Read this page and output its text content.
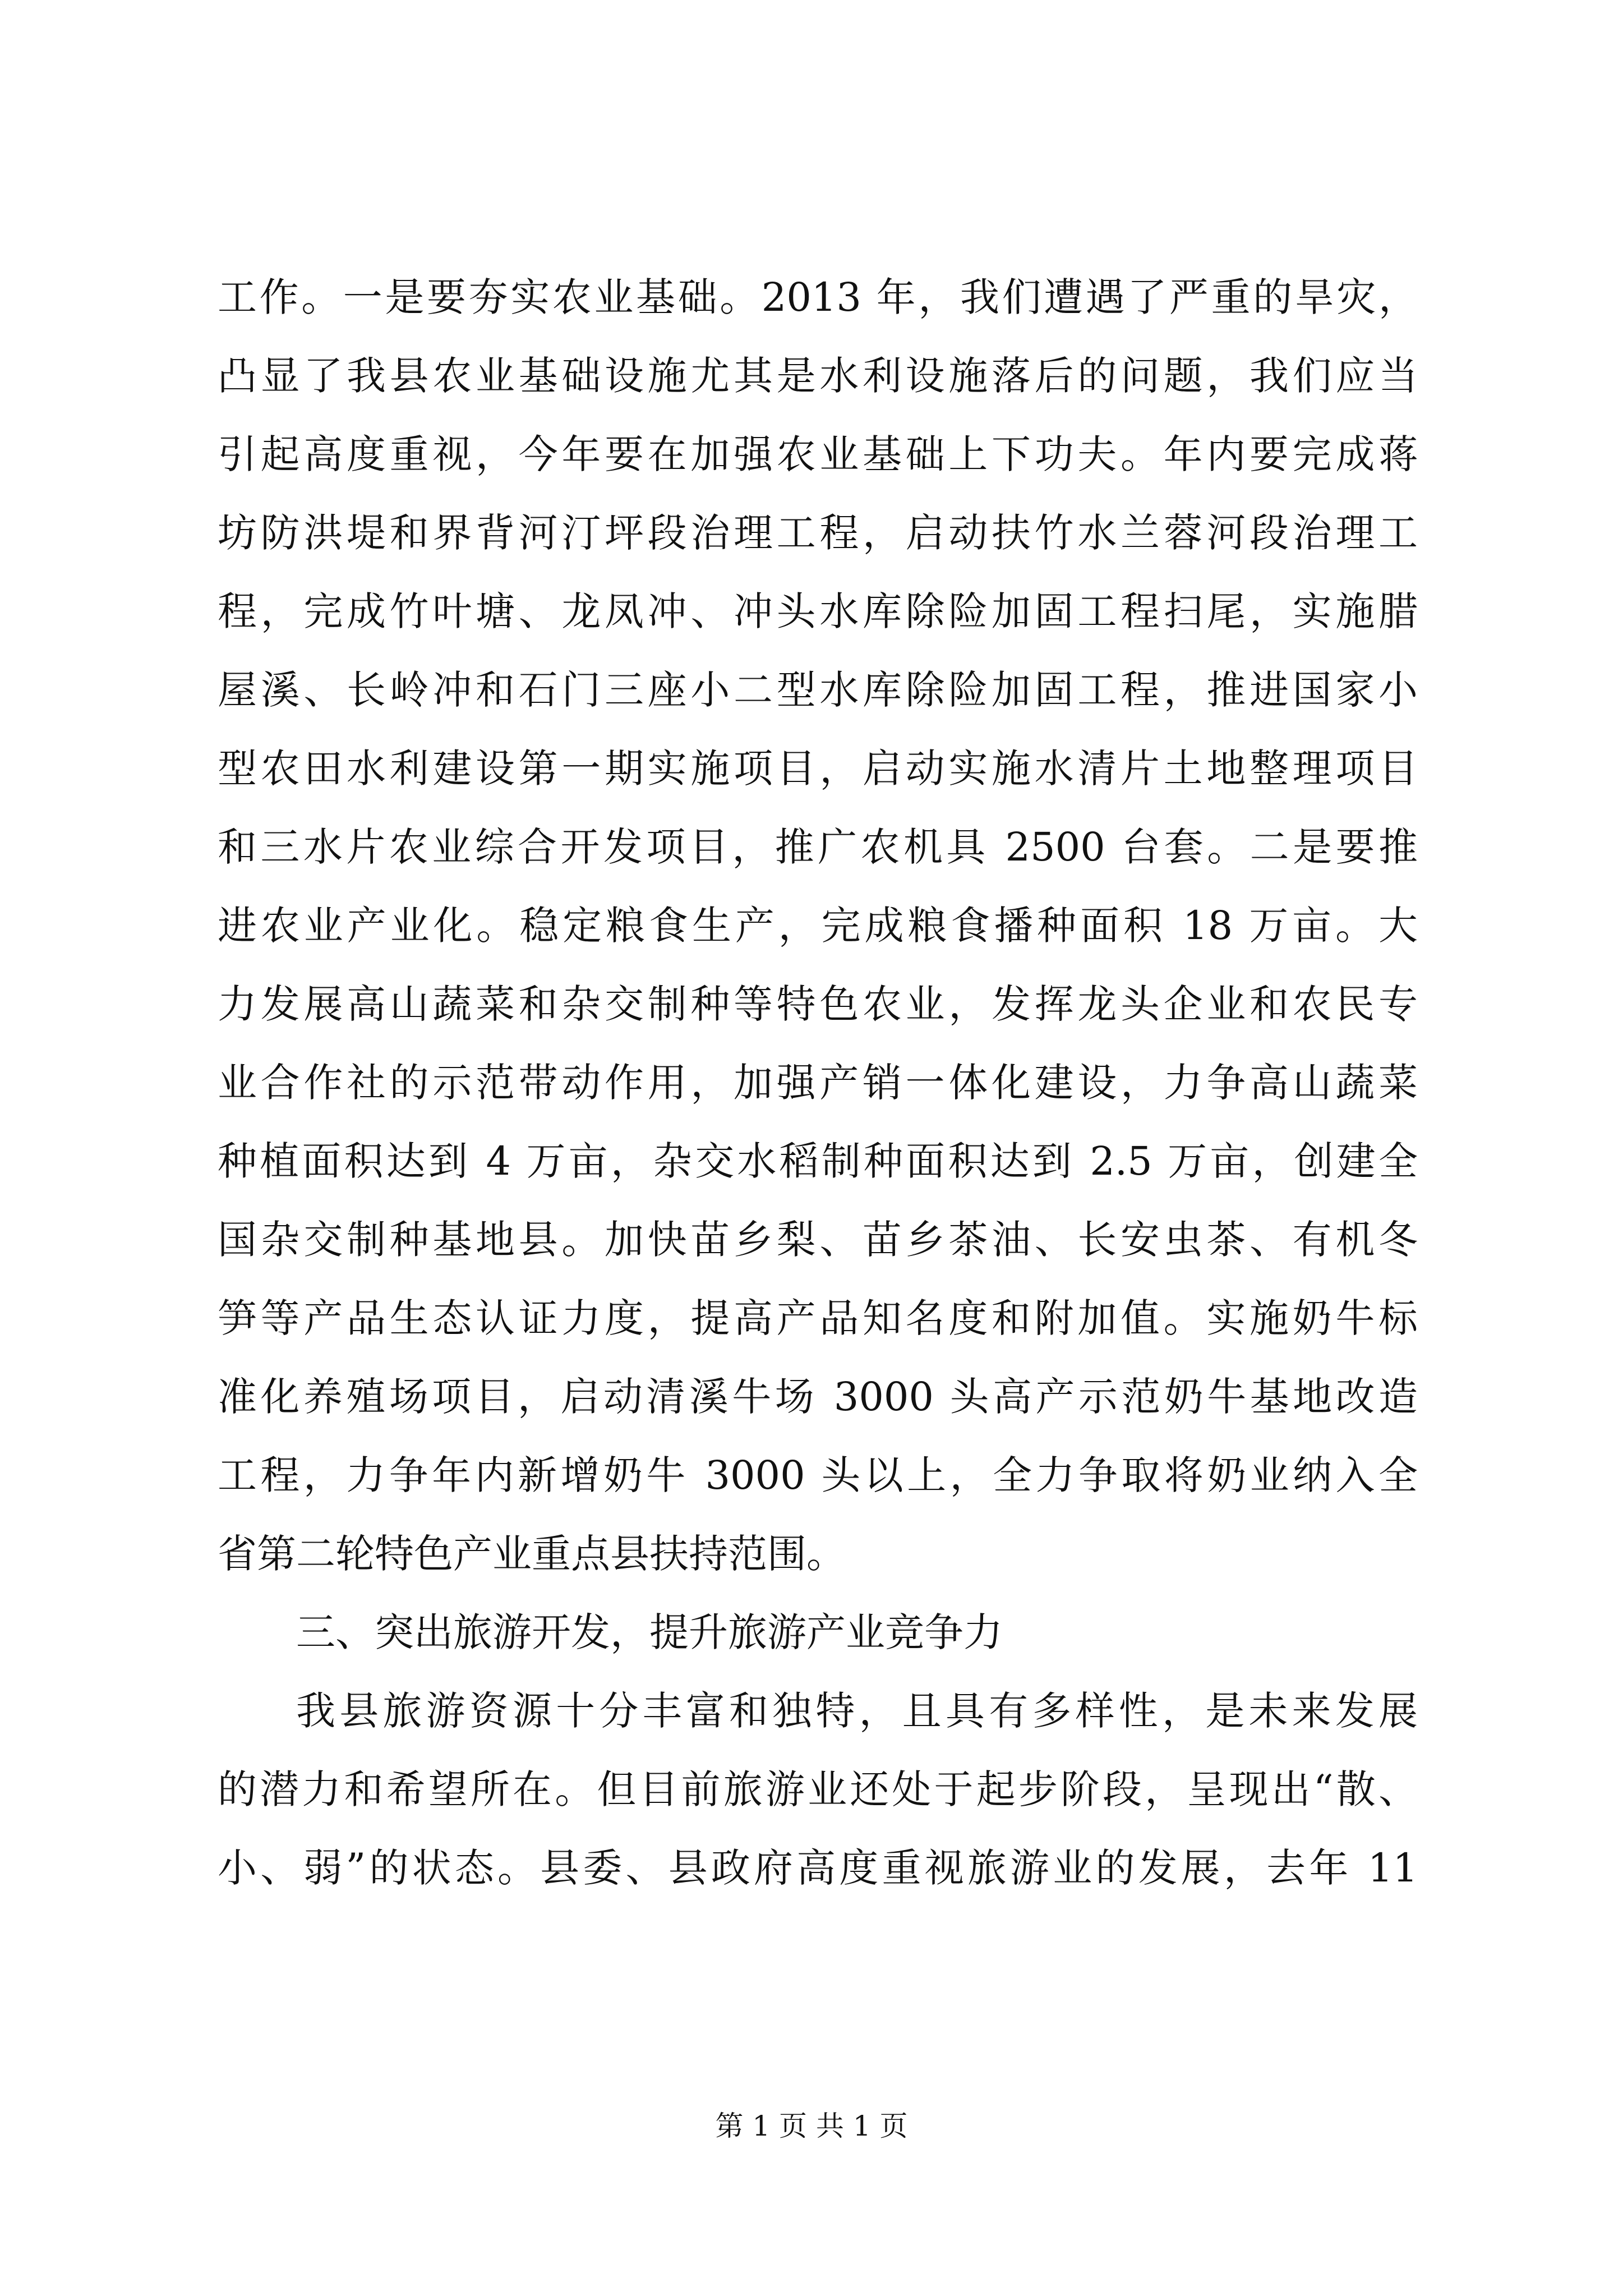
工作。一是要夯实农业基础。2013 年，我们遭遇了严重的旱灾，
凸显了我县农业基础设施尤其是水利设施落后的问题，我们应当
引起高度重视，今年要在加强农业基础上下功夫。年内要完成蒋
坊防洪堤和界背河汀坪段治理工程，启动扶竹水兰蓉河段治理工
程，完成竹叶塘、龙凤冲、冲头水库除险加固工程扫尾，实施腊
屋溪、长岭冲和石门三座小二型水库除险加固工程，推进国家小
型农田水利建设第一期实施项目，启动实施水清片土地整理项目
和三水片农业综合开发项目，推广农机具 2500 台套。二是要推
进农业产业化。稳定粮食生产，完成粮食播种面积 18 万亩。大
力发展高山蔬菜和杂交制种等特色农业，发挥龙头企业和农民专
业合作社的示范带动作用，加强产销一体化建设，力争高山蔬菜
种植面积达到 4 万亩，杂交水稻制种面积达到 2.5 万亩，创建全
国杂交制种基地县。加快苗乡梨、苗乡茶油、长安虫茶、有机冬
笋等产品生态认证力度，提高产品知名度和附加值。实施奶牛标
准化养殖场项目，启动清溪牛场 3000 头高产示范奶牛基地改造
工程，力争年内新增奶牛 3000 头以上，全力争取将奶业纳入全
省第二轮特色产业重点县扶持范围。
三、突出旅游开发，提升旅游产业竞争力
我县旅游资源十分丰富和独特，且具有多样性，是未来发展
的潜力和希望所在。但目前旅游业还处于起步阶段，呈现出“散、
小、弱”的状态。县委、县政府高度重视旅游业的发展，去年 11
第 1 页 共 1 页
